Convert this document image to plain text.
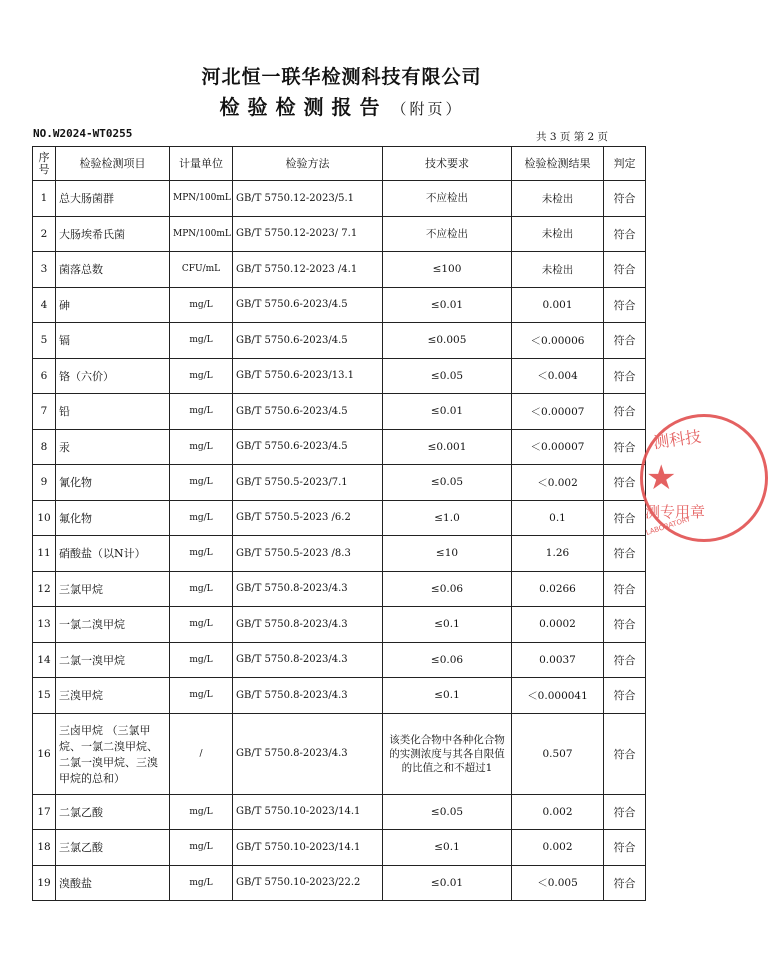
河北恒一联华检测科技有限公司
检验检测报告 （附页）
NO.W2024-WT0255	共 3 页 第 2 页
序号	检验检测项目	计量单位	检验方法	技术要求	检验检测结果	判定
1	总大肠菌群	MPN/100mL	GB/T 5750.12-2023/5.1	不应检出	未检出	符合
2	大肠埃希氏菌	MPN/100mL	GB/T 5750.12-2023/ 7.1	不应检出	未检出	符合
3	菌落总数	CFU/mL	GB/T 5750.12-2023 /4.1	≤100	未检出	符合
4	砷	mg/L	GB/T 5750.6-2023/4.5	≤0.01	0.001	符合
5	镉	mg/L	GB/T 5750.6-2023/4.5	≤0.005	＜0.00006	符合
6	铬（六价）	mg/L	GB/T 5750.6-2023/13.1	≤0.05	＜0.004	符合
7	铅	mg/L	GB/T 5750.6-2023/4.5	≤0.01	＜0.00007	符合
8	汞	mg/L	GB/T 5750.6-2023/4.5	≤0.001	＜0.00007	符合
9	氰化物	mg/L	GB/T 5750.5-2023/7.1	≤0.05	＜0.002	符合
10	氟化物	mg/L	GB/T 5750.5-2023 /6.2	≤1.0	0.1	符合
11	硝酸盐（以N计）	mg/L	GB/T 5750.5-2023 /8.3	≤10	1.26	符合
12	三氯甲烷	mg/L	GB/T 5750.8-2023/4.3	≤0.06	0.0266	符合
13	一氯二溴甲烷	mg/L	GB/T 5750.8-2023/4.3	≤0.1	0.0002	符合
14	二氯一溴甲烷	mg/L	GB/T 5750.8-2023/4.3	≤0.06	0.0037	符合
15	三溴甲烷	mg/L	GB/T 5750.8-2023/4.3	≤0.1	＜0.000041	符合
16	三卤甲烷 （三氯甲烷、一氯二溴甲烷、二氯一溴甲烷、三溴甲烷的总和）	/	GB/T 5750.8-2023/4.3	该类化合物中各种化合物的实测浓度与其各自限值的比值之和不超过1	0.507	符合
17	二氯乙酸	mg/L	GB/T 5750.10-2023/14.1	≤0.05	0.002	符合
18	三氯乙酸	mg/L	GB/T 5750.10-2023/14.1	≤0.1	0.002	符合
19	溴酸盐	mg/L	GB/T 5750.10-2023/22.2	≤0.01	＜0.005	符合
测科技
★
测专用章
LABORATORY
